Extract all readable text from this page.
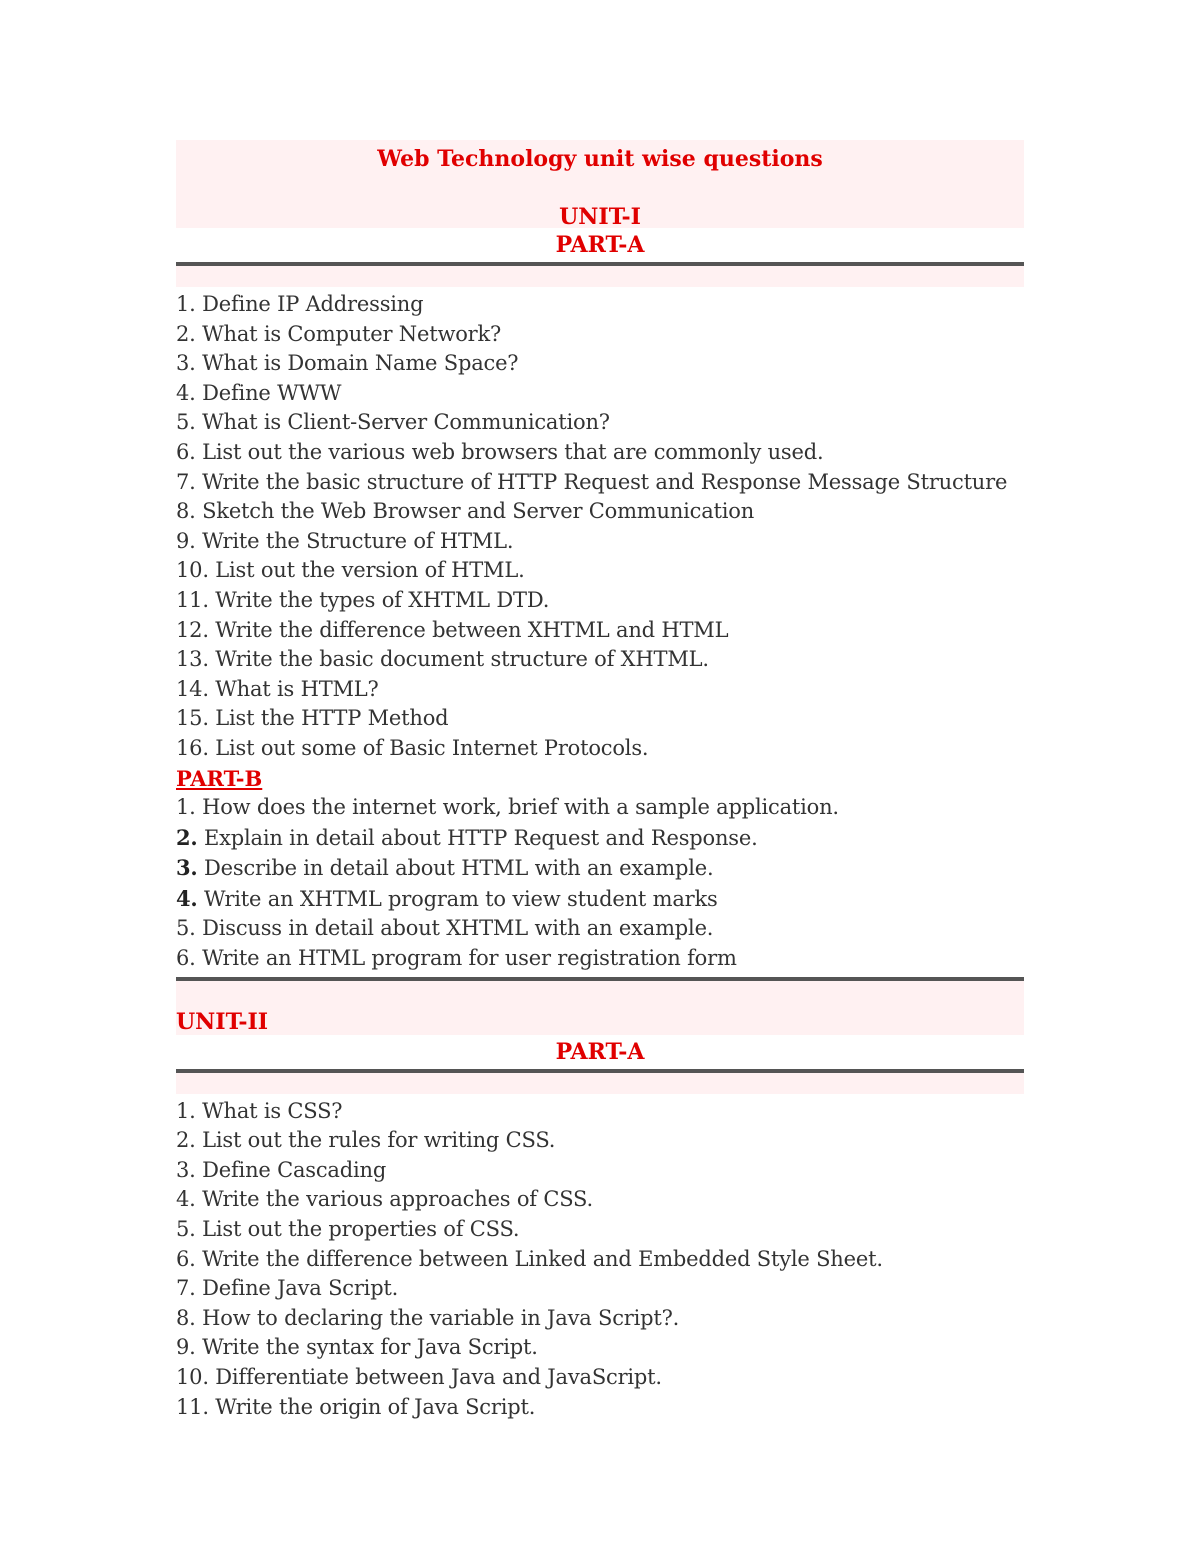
Web Technology unit wise questions
UNIT-I
PART-A
1. Define IP Addressing
2. What is Computer Network?
3. What is Domain Name Space?
4. Define WWW
5. What is Client-Server Communication?
6. List out the various web browsers that are commonly used.
7. Write the basic structure of HTTP Request and Response Message Structure
8. Sketch the Web Browser and Server Communication
9. Write the Structure of HTML.
10. List out the version of HTML.
11. Write the types of XHTML DTD.
12. Write the difference between XHTML and HTML
13. Write the basic document structure of XHTML.
14. What is HTML?
15. List the HTTP Method
16. List out some of Basic Internet Protocols.
PART-B
1. How does the internet work, brief with a sample application.
2. Explain in detail about HTTP Request and Response.
3. Describe in detail about HTML with an example.
4. Write an XHTML program to view student marks
5. Discuss in detail about XHTML with an example.
6. Write an HTML program for user registration form
UNIT-II
PART-A
1. What is CSS?
2. List out the rules for writing CSS.
3. Define Cascading
4. Write the various approaches of CSS.
5. List out the properties of CSS.
6. Write the difference between Linked and Embedded Style Sheet.
7. Define Java Script.
8. How to declaring the variable in Java Script?.
9. Write the syntax for Java Script.
10. Differentiate between Java and JavaScript.
11. Write the origin of Java Script.
